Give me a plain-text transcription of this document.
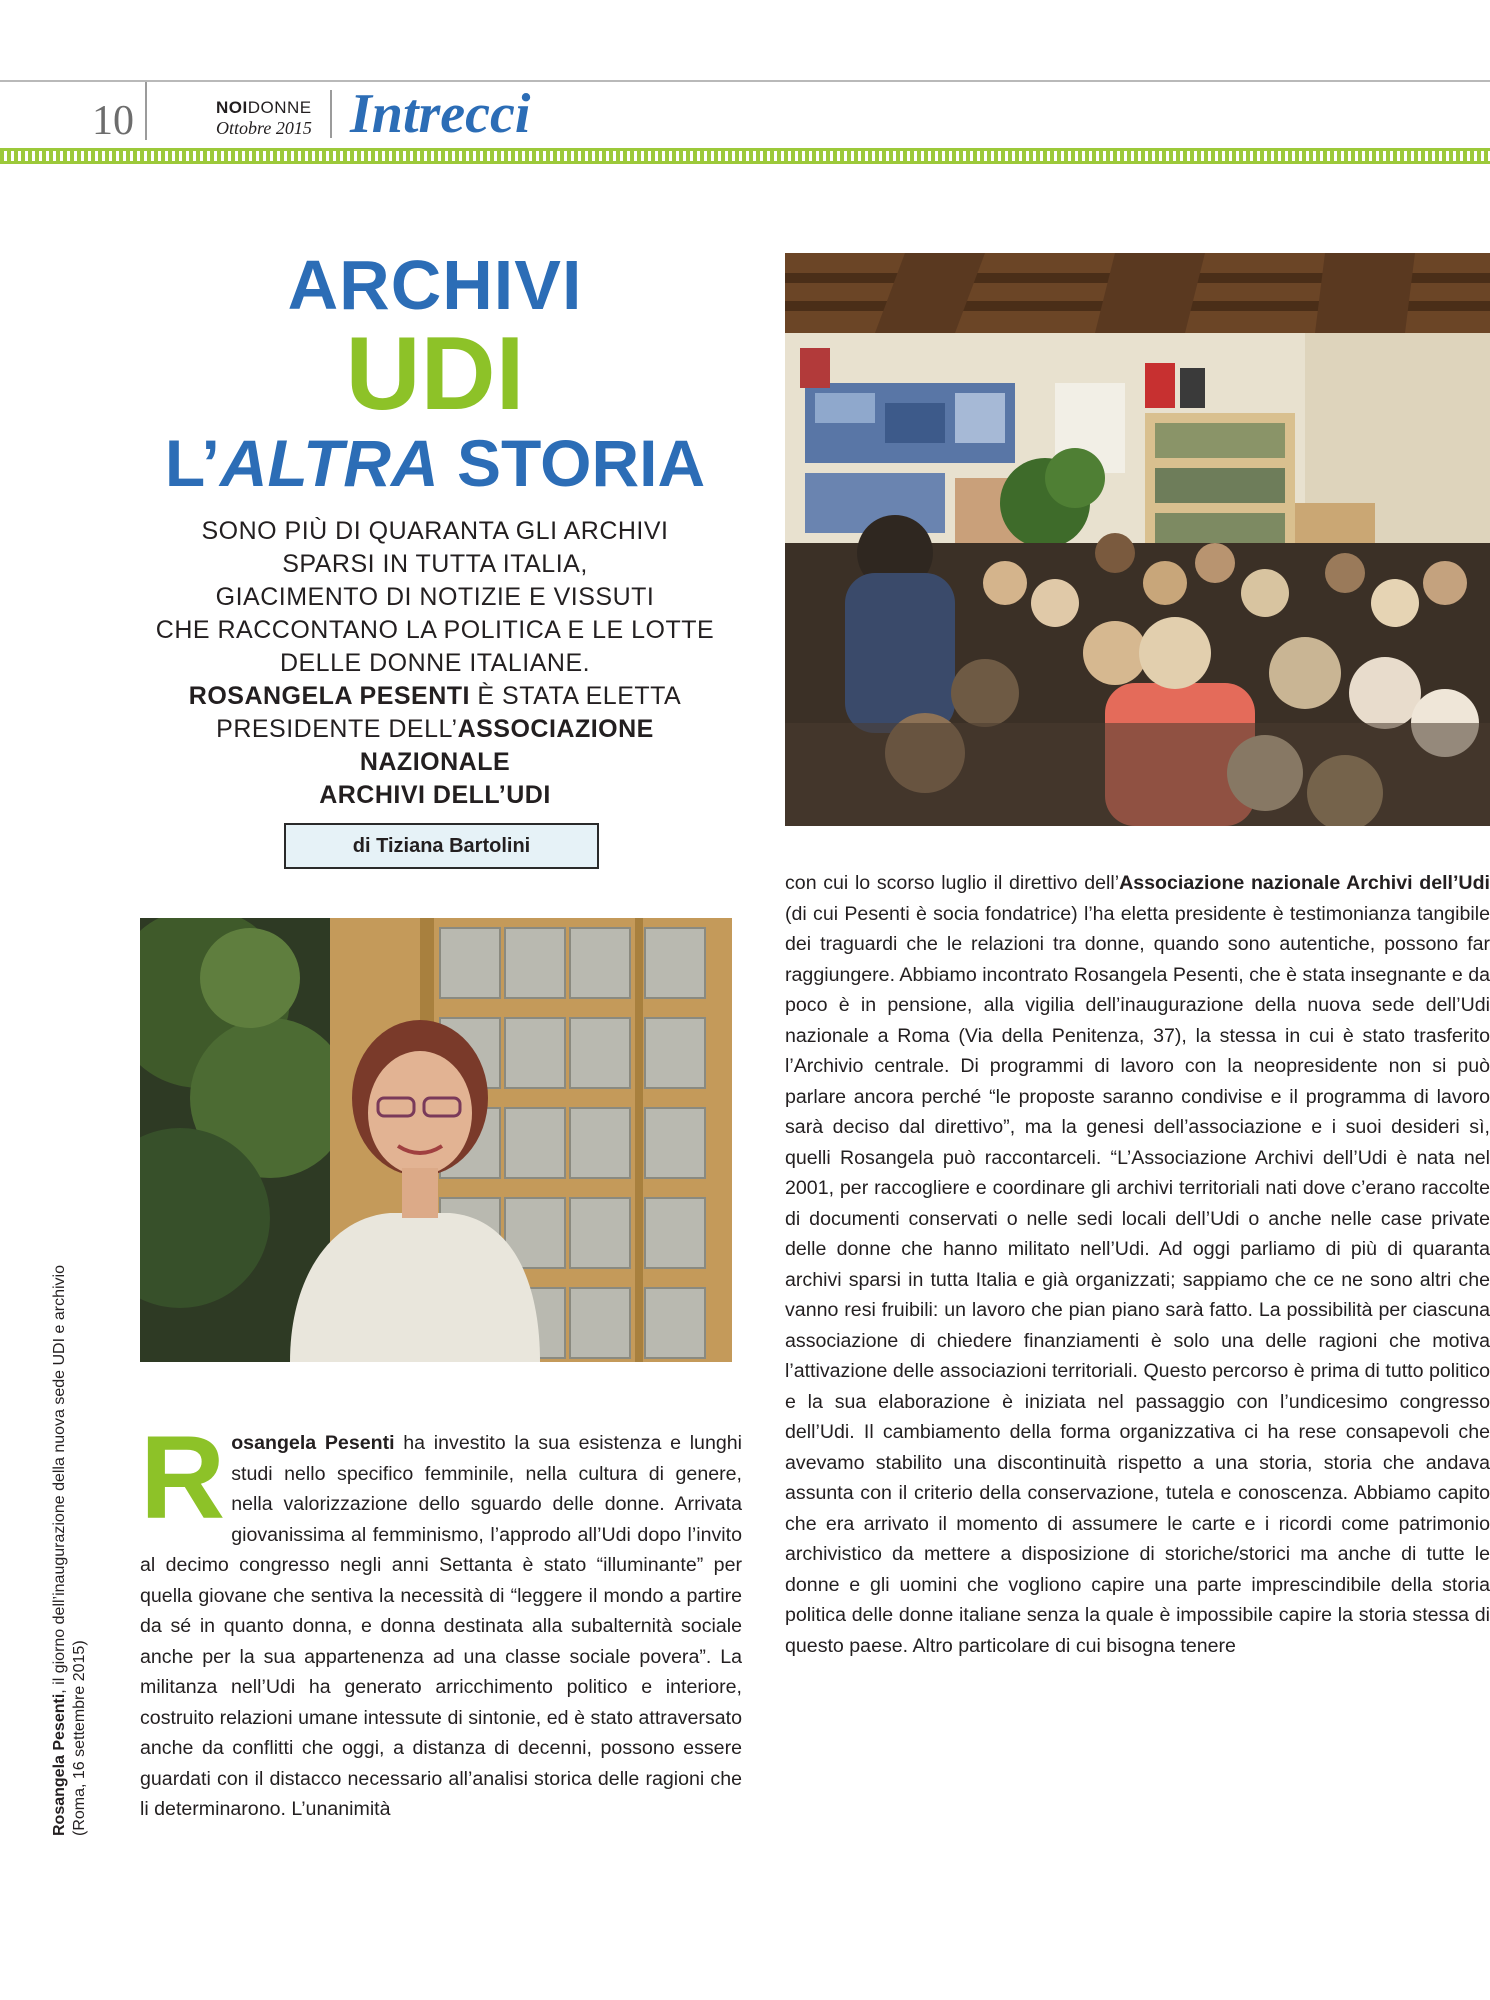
10	NOIDONNE
Ottobre 2015 Intrecci
ARCHIVI
UDI
L’ALTRA STORIA
SONO PIÙ DI QUARANTA GLI ARCHIVI
SPARSI IN TUTTA ITALIA,
GIACIMENTO DI NOTIZIE E VISSUTI
CHE RACCONTANO LA POLITICA E LE LOTTE
DELLE DONNE ITALIANE.
ROSANGELA PESENTI È STATA ELETTA
PRESIDENTE DELL’ASSOCIAZIONE NAZIONALE
ARCHIVI DELL’UDI
di Tiziana Bartolini
Rosangela Pesenti, il giorno dell’inaugurazione della nuova sede UDI e archivio
(Roma, 16 settembre 2015)
Rosangela Pesenti ha investito la sua esistenza e lunghi studi nello specifico femminile, nella cultura di genere, nella valorizzazione dello sguardo delle donne. Arrivata giovanissima al femminismo, l’approdo all’Udi dopo l’invito al decimo congresso negli anni Settanta è stato “illuminante” per quella giovane che sentiva la necessità di “leggere il mondo a partire da sé in quanto donna, e donna destinata alla subalternità sociale anche per la sua appartenenza ad una classe sociale povera”. La militanza nell’Udi ha generato arricchimento politico e interiore, costruito relazioni umane intessute di sintonie, ed è stato attraversato anche da conflitti che oggi, a distanza di decenni, possono essere guardati con il distacco necessario all’analisi storica delle ragioni che li determinarono. L’unanimità
con cui lo scorso luglio il direttivo dell’Associazione nazionale Archivi dell’Udi (di cui Pesenti è socia fondatrice) l’ha eletta presidente è testimonianza tangibile dei traguardi che le relazioni tra donne, quando sono autentiche, possono far raggiungere. Abbiamo incontrato Rosangela Pesenti, che è stata insegnante e da poco è in pensione, alla vigilia dell’inaugurazione della nuova sede dell’Udi nazionale a Roma (Via della Penitenza, 37), la stessa in cui è stato trasferito l’Archivio centrale. Di programmi di lavoro con la neopresidente non si può parlare ancora perché “le proposte saranno condivise e il programma di lavoro sarà deciso dal direttivo”, ma la genesi dell’associazione e i suoi desideri sì, quelli Rosangela può raccontarceli. “L’Associazione Archivi dell’Udi è nata nel 2001, per raccogliere e coordinare gli archivi territoriali nati dove c’erano raccolte di documenti conservati o nelle sedi locali dell’Udi o anche nelle case private delle donne che hanno militato nell’Udi. Ad oggi parliamo di più di quaranta archivi sparsi in tutta Italia e già organizzati; sappiamo che ce ne sono altri che vanno resi fruibili: un lavoro che pian piano sarà fatto. La possibilità per ciascuna associazione di chiedere finanziamenti è solo una delle ragioni che motiva l’attivazione delle associazioni territoriali. Questo percorso è prima di tutto politico e la sua elaborazione è iniziata nel passaggio con l’undicesimo congresso dell’Udi. Il cambiamento della forma organizzativa ci ha rese consapevoli che avevamo stabilito una discontinuità rispetto a una storia, storia che andava assunta con il criterio della conservazione, tutela e conoscenza. Abbiamo capito che era arrivato il momento di assumere le carte e i ricordi come patrimonio archivistico da mettere a disposizione di storiche/storici ma anche di tutte le donne e gli uomini che vogliono capire una parte imprescindibile della storia politica delle donne italiane senza la quale è impossibile capire la storia stessa di questo paese. Altro particolare di cui bisogna tenere
